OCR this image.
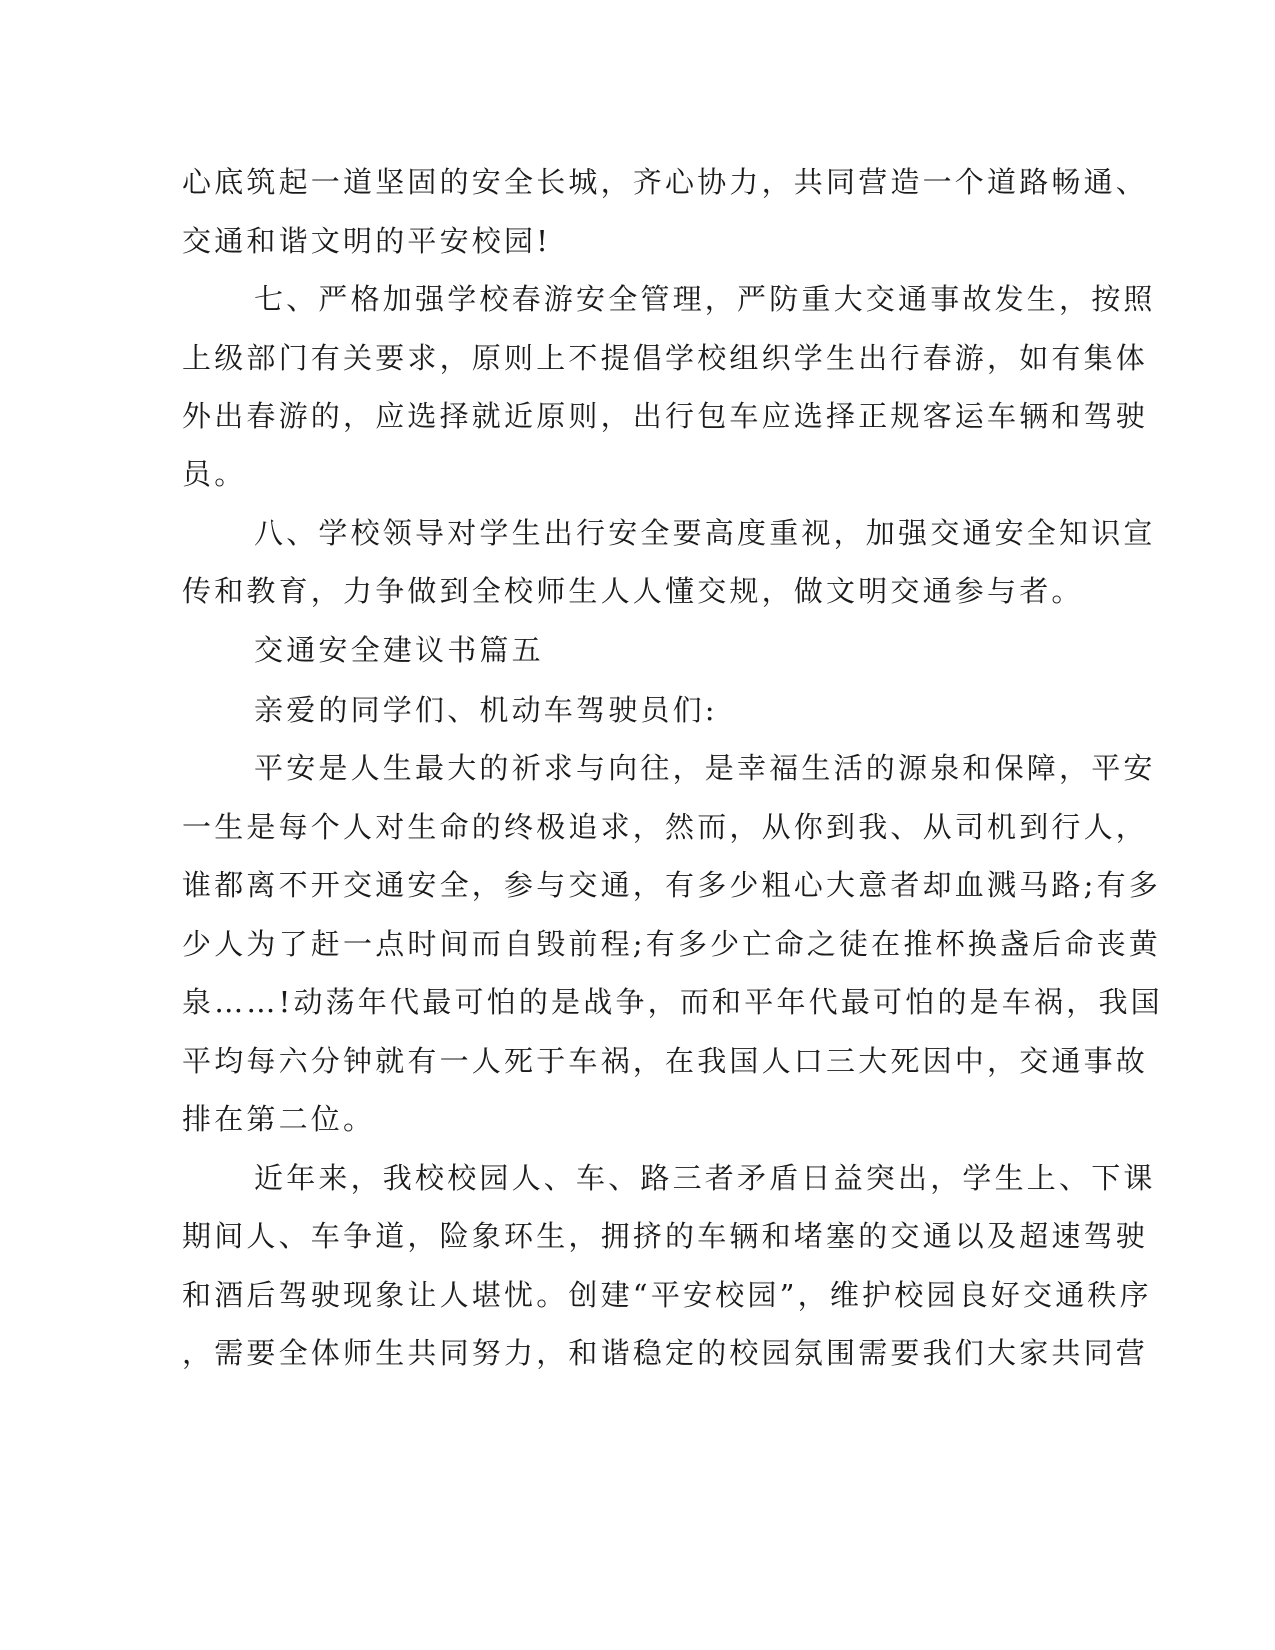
心底筑起一道坚固的安全长城，齐心协力，共同营造一个道路畅通、
交通和谐文明的平安校园!
七、严格加强学校春游安全管理，严防重大交通事故发生，按照
上级部门有关要求，原则上不提倡学校组织学生出行春游，如有集体
外出春游的，应选择就近原则，出行包车应选择正规客运车辆和驾驶
员。
八、学校领导对学生出行安全要高度重视，加强交通安全知识宣
传和教育，力争做到全校师生人人懂交规，做文明交通参与者。
交通安全建议书篇五
亲爱的同学们、机动车驾驶员们:
平安是人生最大的祈求与向往，是幸福生活的源泉和保障，平安
一生是每个人对生命的终极追求，然而，从你到我、从司机到行人，
谁都离不开交通安全，参与交通，有多少粗心大意者却血溅马路;有多
少人为了赶一点时间而自毁前程;有多少亡命之徒在推杯换盏后命丧黄
泉……!动荡年代最可怕的是战争，而和平年代最可怕的是车祸，我国
平均每六分钟就有一人死于车祸，在我国人口三大死因中，交通事故
排在第二位。
近年来，我校校园人、车、路三者矛盾日益突出，学生上、下课
期间人、车争道，险象环生，拥挤的车辆和堵塞的交通以及超速驾驶
和酒后驾驶现象让人堪忧。创建“平安校园”，维护校园良好交通秩序
，需要全体师生共同努力，和谐稳定的校园氛围需要我们大家共同营
